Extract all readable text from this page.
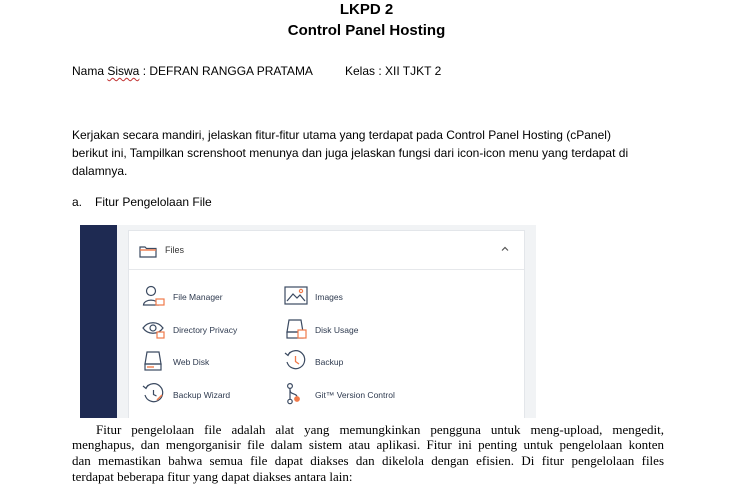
LKPD 2
Control Panel Hosting
Nama Siswa : DEFRAN RANGGA PRATAMA	Kelas : XII TJKT 2
Kerjakan secara mandiri, jelaskan fitur-fitur utama yang terdapat pada Control Panel Hosting (cPanel)
berikut ini, Tampilkan screnshoot menunya dan juga jelaskan fungsi dari icon-icon menu yang terdapat di
dalamnya.
a. Fitur Pengelolaan File
Files
File Manager
Directory Privacy
Web Disk
Backup Wizard
Images
Disk Usage
Backup
Git™ Version Control
Fitur pengelolaan file adalah alat yang memungkinkan pengguna untuk meng-upload, mengedit,
menghapus, dan mengorganisir file dalam sistem atau aplikasi. Fitur ini penting untuk pengelolaan konten
dan memastikan bahwa semua file dapat diakses dan dikelola dengan efisien. Di fitur pengelolaan files
terdapat beberapa fitur yang dapat diakses antara lain:
